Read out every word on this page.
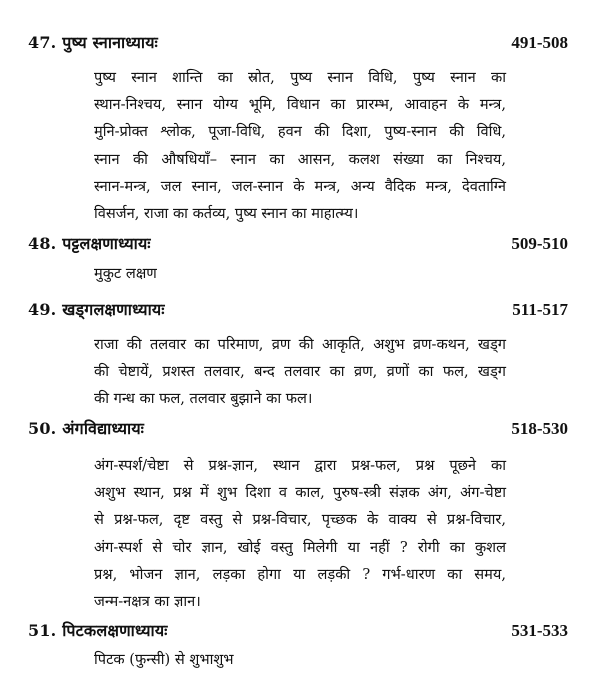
47. पुष्य स्नानाध्यायः	491-508
पुष्य स्नान शान्ति का स्रोत, पुष्य स्नान विधि, पुष्य स्नान का
स्थान-निश्चय, स्नान योग्य भूमि, विधान का प्रारम्भ, आवाहन के मन्त्र,
मुनि-प्रोक्त श्लोक, पूजा-विधि, हवन की दिशा, पुष्य-स्नान की विधि,
स्नान की औषधियाँ– स्नान का आसन, कलश संख्या का निश्चय,
स्नान-मन्त्र, जल स्नान, जल-स्नान के मन्त्र, अन्य वैदिक मन्त्र, देवताग्नि
विसर्जन, राजा का कर्तव्य, पुष्य स्नान का माहात्म्य।
48. पट्टलक्षणाध्यायः	509-510
मुकुट लक्षण
49. खड्गलक्षणाध्यायः	511-517
राजा की तलवार का परिमाण, व्रण की आकृति, अशुभ व्रण-कथन, खड्ग
की चेष्टायें, प्रशस्त तलवार, बन्द तलवार का व्रण, व्रणों का फल, खड्ग
की गन्ध का फल, तलवार बुझाने का फल।
50. अंगविद्याध्यायः	518-530
अंग-स्पर्श/चेष्टा से प्रश्न-ज्ञान, स्थान द्वारा प्रश्न-फल, प्रश्न पूछने का
अशुभ स्थान, प्रश्न में शुभ दिशा व काल, पुरुष-स्त्री संज्ञक अंग, अंग-चेष्टा
से प्रश्न-फल, दृष्ट वस्तु से प्रश्न-विचार, पृच्छक के वाक्य से प्रश्न-विचार,
अंग-स्पर्श से चोर ज्ञान, खोई वस्तु मिलेगी या नहीं ? रोगी का कुशल
प्रश्न, भोजन ज्ञान, लड़का होगा या लड़की ? गर्भ-धारण का समय,
जन्म-नक्षत्र का ज्ञान।
51. पिटकलक्षणाध्यायः	531-533
पिटक (फुन्सी) से शुभाशुभ
